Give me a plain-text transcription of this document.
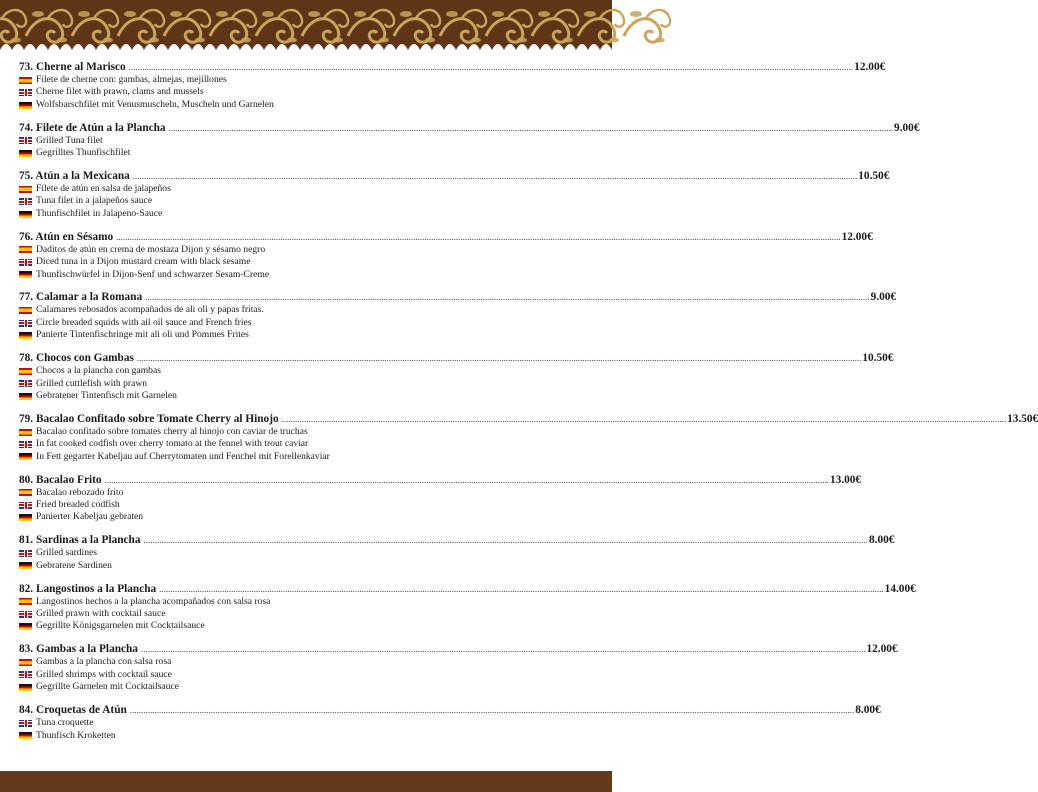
73. Cherne al Marisco .................................................................................................................................................................................................................................................................................................................................. 12.00€
Filete de cherne con: gambas, almejas, mejillones
Cherne filet with prawn, clams and mussels
Wolfsbarschfilet mit Venusmuscheln, Muscheln und Garnelen
74. Filete de Atún a la Plancha .................................................................................................................................................................................................................................................................................................................................. 9.00€
Grilled Tuna filet
Gegrilltes Thunfischfilet
75. Atún a la Mexicana .................................................................................................................................................................................................................................................................................................................................. 10.50€
Filete de atún en salsa de jalapeños
Tuna filet in a jalapeños sauce
Thunfischfilet in Jalapeno-Sauce
76. Atún en Sésamo .................................................................................................................................................................................................................................................................................................................................. 12.00€
Daditos de atún en crema de mostaza Dijon y sésamo negro
Diced tuna in a Dijon mustard cream with black sesame
Thunfischwürfel in Dijon-Senf und schwarzer Sesam-Creme
77. Calamar a la Romana .................................................................................................................................................................................................................................................................................................................................. 9.00€
Calamares rebosados acompañados de ali oli y papas fritas.
Circle breaded squids with ail oil sauce and French fries
Panierte Tintenfischringe mit ali oli und Pommes Frites
78. Chocos con Gambas .................................................................................................................................................................................................................................................................................................................................. 10.50€
Chocos a la plancha con gambas
Grilled cuttlefish with prawn
Gebratener Tintenfisch mit Garnelen
79. Bacalao Confitado sobre Tomate Cherry al Hinojo .................................................................................................................................................................................................................................................................................................................................. 13.50€
Bacalao confitado sobre tomates cherry al hinojo con caviar de truchas
In fat cooked codfish over cherry tomato at the fennel with trout caviar
In Fett gegarter Kabeljau auf Cherrytomaten und Fenchel mit Forellenkaviar
80. Bacalao Frito .................................................................................................................................................................................................................................................................................................................................. 13.00€
Bacalao rebozado frito
Fried breaded codfish
Panierter Kabeljau gebraten
81. Sardinas a la Plancha .................................................................................................................................................................................................................................................................................................................................. 8.00€
Grilled sardines
Gebratene Sardinen
82. Langostinos a la Plancha .................................................................................................................................................................................................................................................................................................................................. 14.00€
Langostinos hechos a la plancha acompañados con salsa rosa
Grilled prawn with cocktail sauce
Gegrillte Königsgarnelen mit Cocktailsauce
83. Gambas a la Plancha .................................................................................................................................................................................................................................................................................................................................. 12.00€
Gambas a la plancha con salsa rosa
Grilled shrimps with cocktail sauce
Gegrillte Garnelen mit Cocktailsauce
84. Croquetas de Atún .................................................................................................................................................................................................................................................................................................................................. 8.00€
Tuna croquette
Thunfisch Kroketten
